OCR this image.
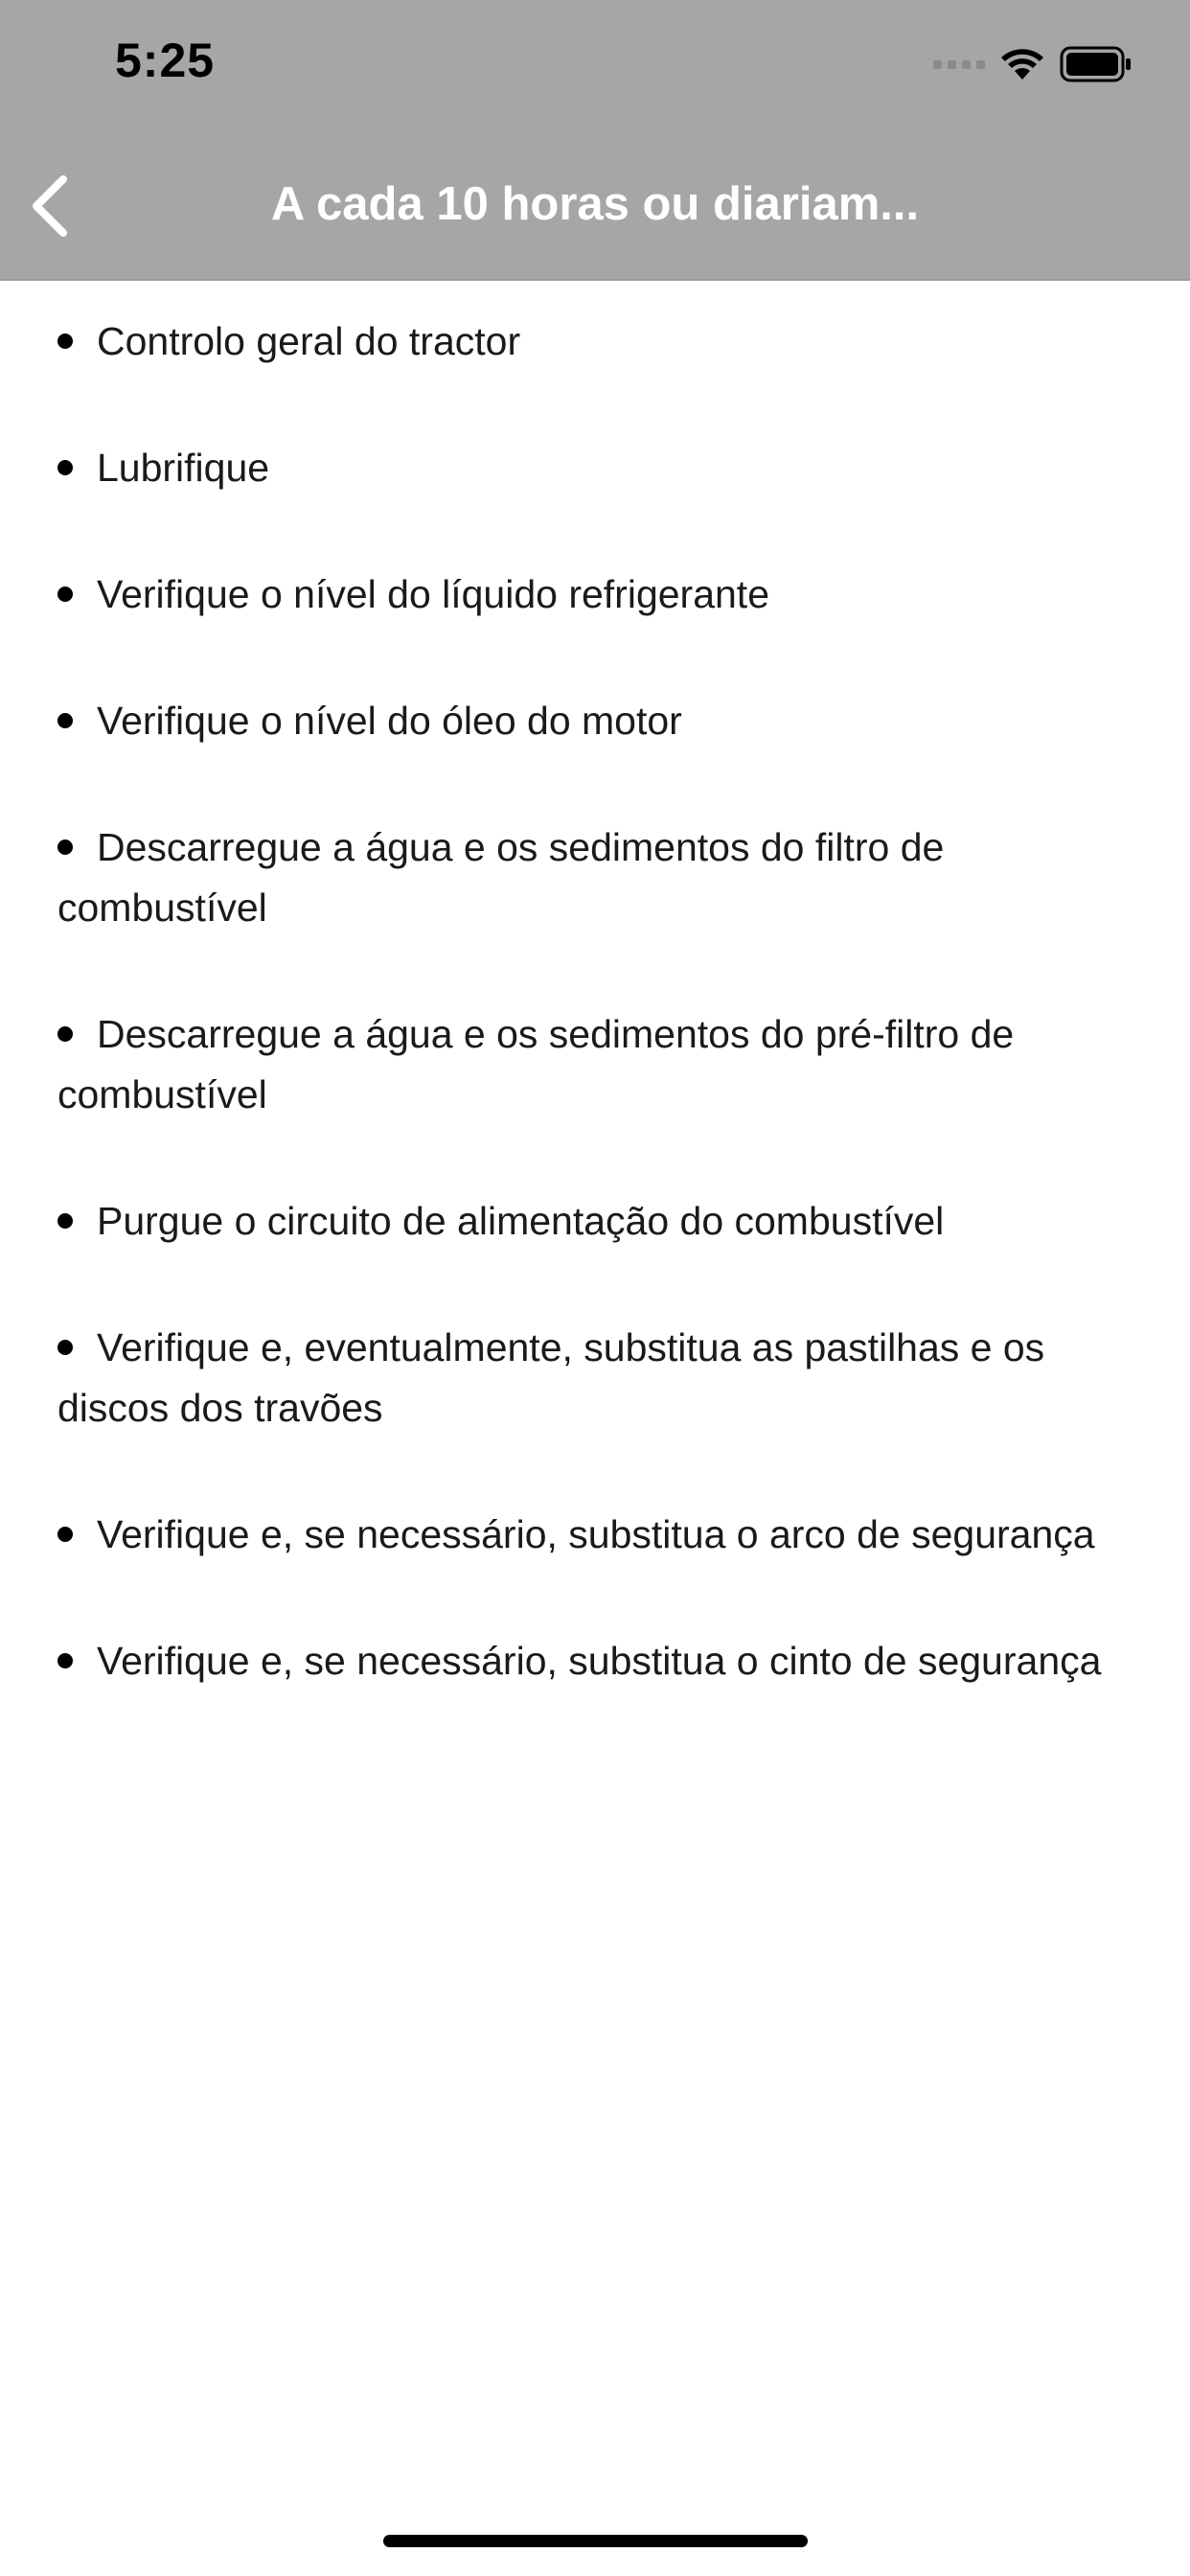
5:25
A cada 10 horas ou diariam...
Controlo geral do tractor
Lubrifique
Verifique o nível do líquido refrigerante
Verifique o nível do óleo do motor
Descarregue a água e os sedimentos do filtro de combustível
Descarregue a água e os sedimentos do pré-filtro de combustível
Purgue o circuito de alimentação do combustível
Verifique e, eventualmente, substitua as pastilhas e os discos dos travões
Verifique e, se necessário, substitua o arco de segurança
Verifique e, se necessário, substitua o cinto de segurança
